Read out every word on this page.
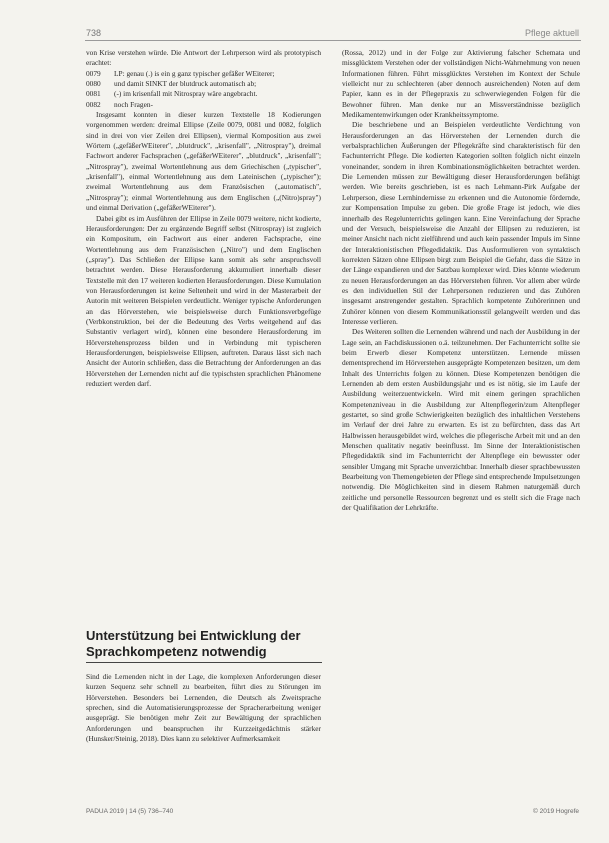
738	Pflege aktuell

von Krise verstehen würde. Die Antwort der Lehrperson wird als prototypisch erachtet:

0079	LP: genau (.) is ein g ganz typischer gefäßer WEiterer;
0080	und damit SINKT der blutdruck automatisch ab;
0081	(-) im krisenfall mit Nitrospray wäre angebracht.
0082	noch Fragen-

Insgesamt konnten in dieser kurzen Textstelle 18 Kodierungen vorgenommen werden: dreimal Ellipse (Zeile 0079, 0081 und 0082, folglich sind in drei von vier Zeilen drei Ellipsen), viermal Komposition aus zwei Wörtern („gefäßerWEiterer", „blutdruck", „krisenfall", „Nitrospray"), dreimal Fachwort anderer Fachsprachen („gefäßerWEiterer", „blutdruck", „krisenfall"; „Nitrospray"), zweimal Wortentlehnung aus dem Griechischen („typischer", „krisenfall"), einmal Wortentlehnung aus dem Lateinischen („typischer"); zweimal Wortentlehnung aus dem Französischen („automatisch", „Nitrospray"); einmal Wortentlehnung aus dem Englischen („(Nitro)spray") und einmal Derivation („gefäßerWEiterer").

Dabei gibt es im Ausführen der Ellipse in Zeile 0079 weitere, nicht kodierte, Herausforderungen: Der zu ergänzende Begriff selbst (Nitrospray) ist zugleich ein Kompositum, ein Fachwort aus einer anderen Fachsprache, eine Wortentlehnung aus dem Französischen („Nitro") und dem Englischen („spray"). Das Schließen der Ellipse kann somit als sehr anspruchsvoll betrachtet werden. Diese Herausforderung akkumuliert innerhalb dieser Textstelle mit den 17 weiteren kodierten Herausforderungen. Diese Kumulation von Herausforderungen ist keine Seltenheit und wird in der Masterarbeit der Autorin mit weiteren Beispielen verdeutlicht. Weniger typische Anforderungen an das Hörverstehen, wie beispielsweise durch Funktionsverbgefüge (Verbkonstruktion, bei der die Bedeutung des Verbs weitgehend auf das Substantiv verlagert wird), können eine besondere Herausforderung im Hörverstehensprozess bilden und in Verbindung mit typischeren Herausforderungen, beispielsweise Ellipsen, auftreten. Daraus lässt sich nach Ansicht der Autorin schließen, dass die Betrachtung der Anforderungen an das Hörverstehen der Lernenden nicht auf die typischsten sprachlichen Phänomene reduziert werden darf.

Unterstützung bei Entwicklung der Sprachkompetenz notwendig

Sind die Lernenden nicht in der Lage, die komplexen Anforderungen dieser kurzen Sequenz sehr schnell zu bearbeiten, führt dies zu Störungen im Hörverstehen. Besonders bei Lernenden, die Deutsch als Zweitsprache sprechen, sind die Automatisierungsprozesse der Spracherarbeitung weniger ausgeprägt. Sie benötigen mehr Zeit zur Bewältigung der sprachlichen Anforderungen und beanspruchen ihr Kurzzeitgedächtnis stärker (Hunsker/Steinig, 2018). Dies kann zu selektiver Aufmerksamkeit

(Rossa, 2012) und in der Folge zur Aktivierung falscher Schemata und missglücktem Verstehen oder der vollständigen Nicht-Wahrnehmung von neuen Informationen führen. Führt missglücktes Verstehen im Kontext der Schule vielleicht nur zu schlechteren (aber dennoch ausreichenden) Noten auf dem Papier, kann es in der Pflegepraxis zu schwerwiegenden Folgen für die Bewohner führen. Man denke nur an Missverständnisse bezüglich Medikamentenwirkungen oder Krankheitssymptome.

Die beschriebene und an Beispielen verdeutlichte Verdichtung von Herausforderungen an das Hörverstehen der Lernenden durch die verbalsprachlichen Äußerungen der Pflegekräfte sind charakteristisch für den Fachunterricht Pflege. Die kodierten Kategorien sollten folglich nicht einzeln voneinander, sondern in ihren Kombinationsmöglichkeiten betrachtet werden. Die Lernenden müssen zur Bewältigung dieser Herausforderungen befähigt werden. Wie bereits geschrieben, ist es nach Lehmann-Pirk Aufgabe der Lehrperson, diese Lernhindernisse zu erkennen und die Autonomie fördernde, zur Kompensation Impulse zu geben. Die große Frage ist jedoch, wie dies innerhalb des Regelunterrichts gelingen kann. Eine Vereinfachung der Sprache und der Versuch, beispielsweise die Anzahl der Ellipsen zu reduzieren, ist meiner Ansicht nach nicht zielführend und auch kein passender Impuls im Sinne der Interaktionistischen Pflegedidaktik. Das Ausformulieren von syntaktisch korrekten Sätzen ohne Ellipsen birgt zum Beispiel die Gefahr, dass die Sätze in der Länge expandieren und der Satzbau komplexer wird. Dies könnte wiederum zu neuen Herausforderungen an das Hörverstehen führen. Vor allem aber würde es den individuellen Stil der Lehrpersonen reduzieren und das Zuhören insgesamt anstrengender gestalten. Sprachlich kompetente Zuhörerinnen und Zuhörer können von diesem Kommunikationsstil gelangweilt werden und das Interesse verlieren.

Des Weiteren sollten die Lernenden während und nach der Ausbildung in der Lage sein, an Fachdiskussionen o.ä. teilzunehmen. Der Fachunterricht sollte sie beim Erwerb dieser Kompetenz unterstützen. Lernende müssen dementsprechend im Hörverstehen ausgeprägte Kompetenzen besitzen, um dem Inhalt des Unterrichts folgen zu können. Diese Kompetenzen benötigen die Lernenden ab dem ersten Ausbildungsjahr und es ist nötig, sie im Laufe der Ausbildung weiterzuentwickeln. Wird mit einem geringen sprachlichen Kompetenzniveau in die Ausbildung zur Altenpflegerin/zum Altenpfleger gestartet, so sind große Schwierigkeiten bezüglich des inhaltlichen Verstehens im Verlauf der drei Jahre zu erwarten. Es ist zu befürchten, dass das Art Halbwissen herausgebildet wird, welches die pflegerische Arbeit mit und an den Menschen qualitativ negativ beeinflusst. Im Sinne der Interaktionistischen Pflegedidaktik sind im Fachunterricht der Altenpflege ein bewusster oder sensibler Umgang mit Sprache unverzichtbar. Innerhalb dieser sprachbewussten Bearbeitung von Themengebieten der Pflege sind entsprechende Impulsetzungen notwendig. Die Möglichkeiten sind in diesem Rahmen naturgemäß durch zeitliche und personelle Ressourcen begrenzt und es stellt sich die Frage nach der Qualifikation der Lehrkräfte.

PADUA 2019 | 14 (5) 736–740	© 2019 Hogrefe
